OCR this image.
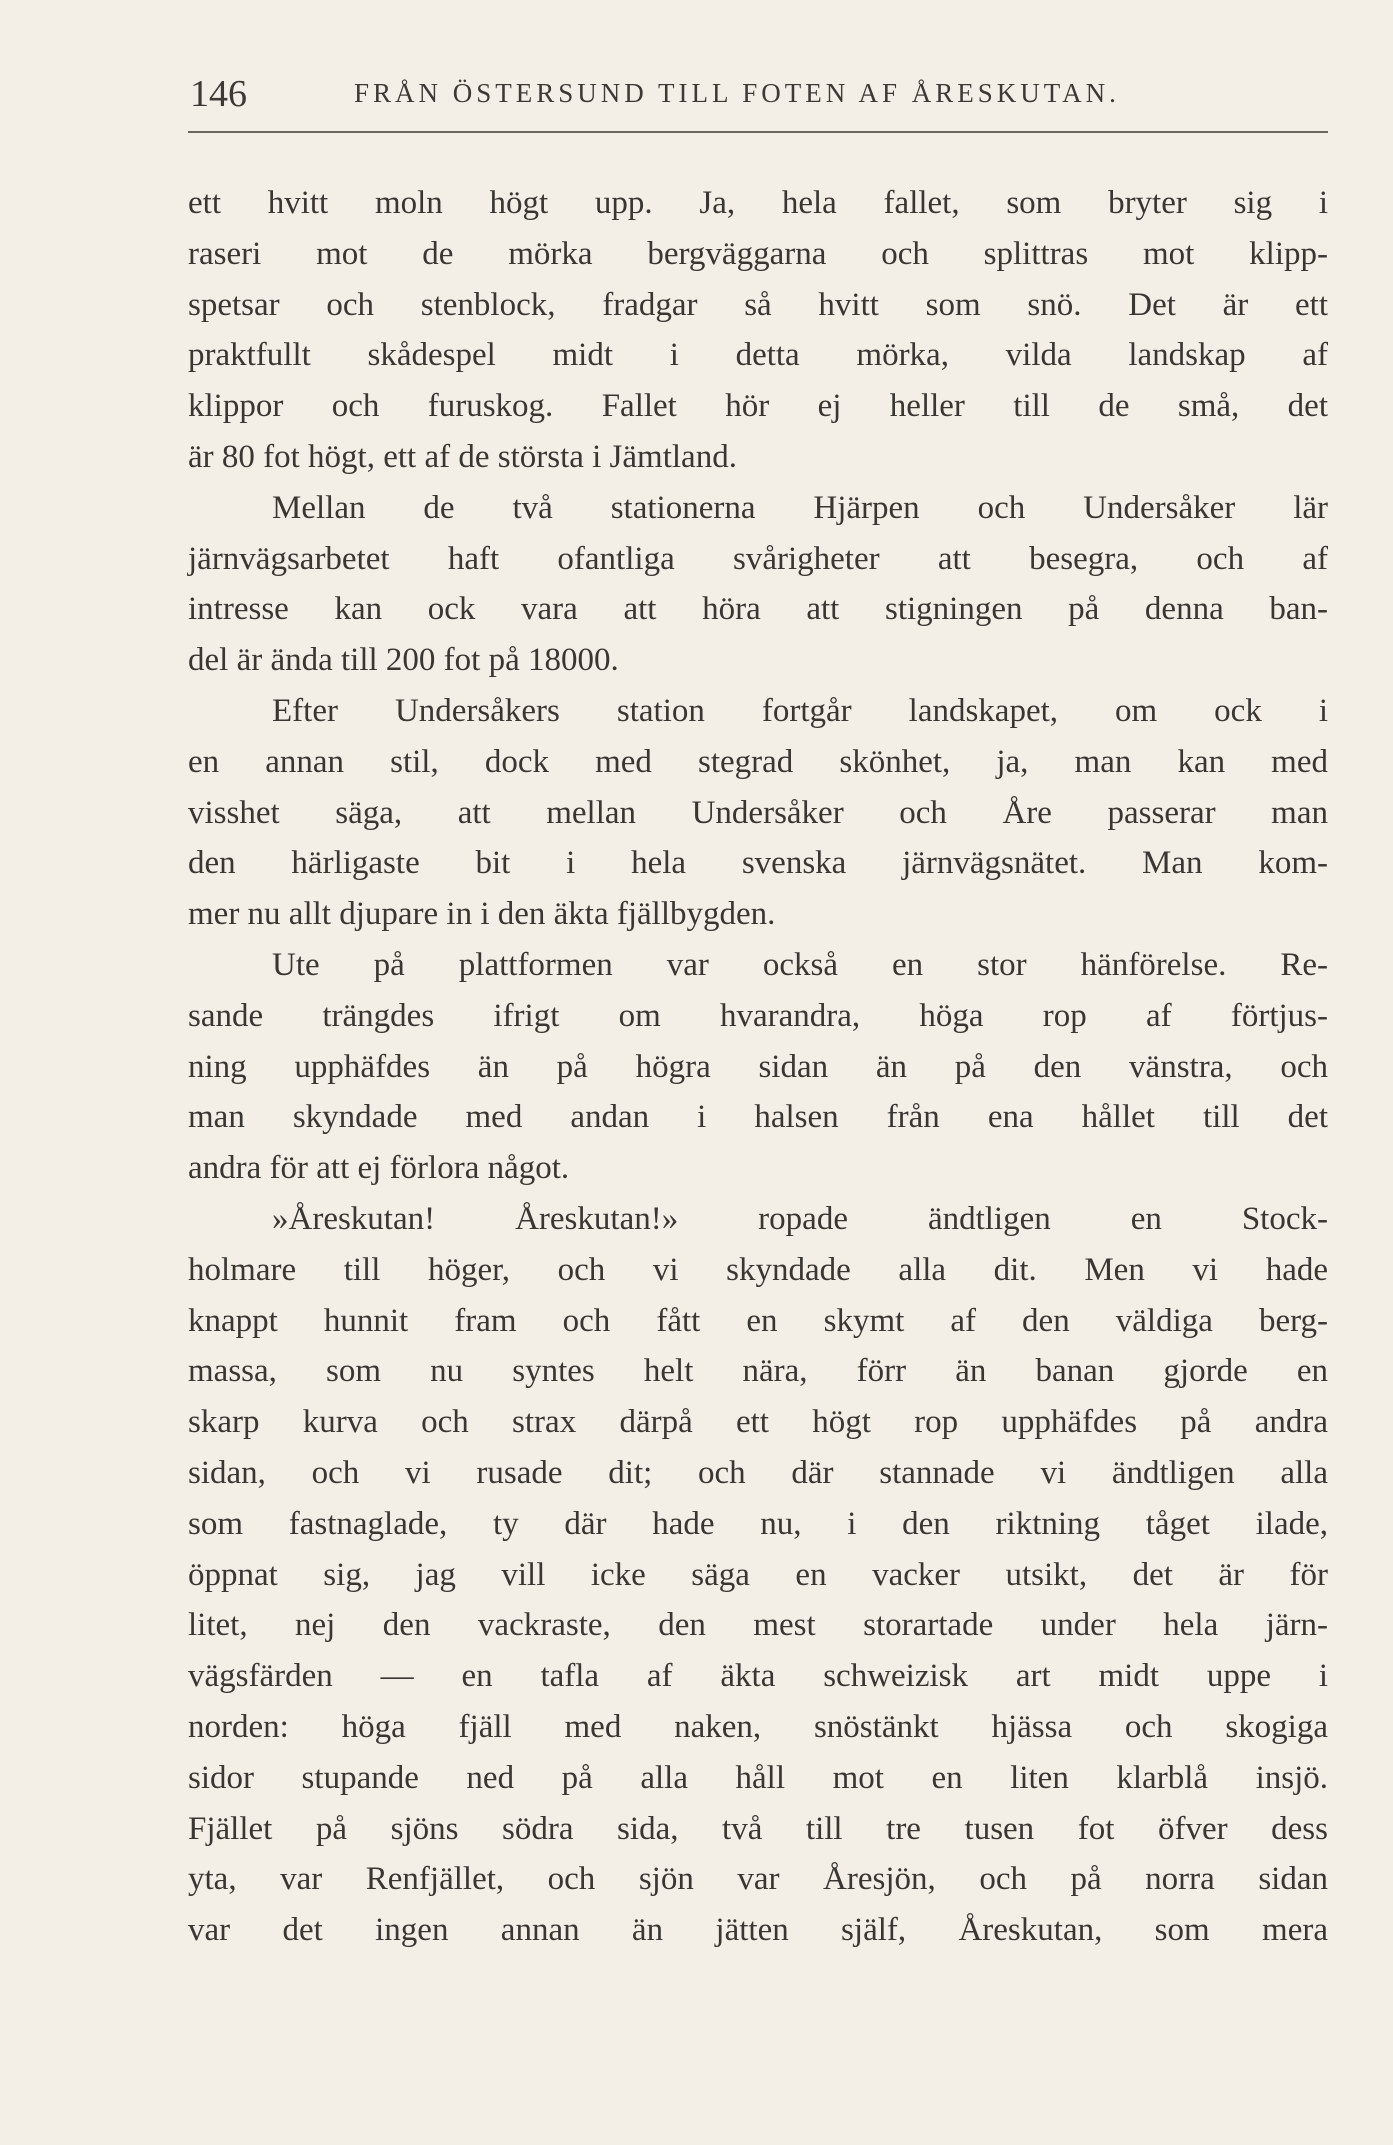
146	FRÅN ÖSTERSUND TILL FOTEN AF ÅRESKUTAN.
ett hvitt moln högt upp. Ja, hela fallet, som bryter sig i
raseri mot de mörka bergväggarna och splittras mot klipp-
spetsar och stenblock, fradgar så hvitt som snö. Det är ett
praktfullt skådespel midt i detta mörka, vilda landskap af
klippor och furuskog. Fallet hör ej heller till de små, det
är 80 fot högt, ett af de största i Jämtland.
Mellan de två stationerna Hjärpen och Undersåker lär
järnvägsarbetet haft ofantliga svårigheter att besegra, och af
intresse kan ock vara att höra att stigningen på denna ban-
del är ända till 200 fot på 18000.
Efter Undersåkers station fortgår landskapet, om ock i
en annan stil, dock med stegrad skönhet, ja, man kan med
visshet säga, att mellan Undersåker och Åre passerar man
den härligaste bit i hela svenska järnvägsnätet. Man kom-
mer nu allt djupare in i den äkta fjällbygden.
Ute på plattformen var också en stor hänförelse. Re-
sande trängdes ifrigt om hvarandra, höga rop af förtjus-
ning upphäfdes än på högra sidan än på den vänstra, och
man skyndade med andan i halsen från ena hållet till det
andra för att ej förlora något.
»Åreskutan! Åreskutan!» ropade ändtligen en Stock-
holmare till höger, och vi skyndade alla dit. Men vi hade
knappt hunnit fram och fått en skymt af den väldiga berg-
massa, som nu syntes helt nära, förr än banan gjorde en
skarp kurva och strax därpå ett högt rop upphäfdes på andra
sidan, och vi rusade dit; och där stannade vi ändtligen alla
som fastnaglade, ty där hade nu, i den riktning tåget ilade,
öppnat sig, jag vill icke säga en vacker utsikt, det är för
litet, nej den vackraste, den mest storartade under hela järn-
vägsfärden — en tafla af äkta schweizisk art midt uppe i
norden: höga fjäll med naken, snöstänkt hjässa och skogiga
sidor stupande ned på alla håll mot en liten klarblå insjö.
Fjället på sjöns södra sida, två till tre tusen fot öfver dess
yta, var Renfjället, och sjön var Åresjön, och på norra sidan
var det ingen annan än jätten själf, Åreskutan, som mera
